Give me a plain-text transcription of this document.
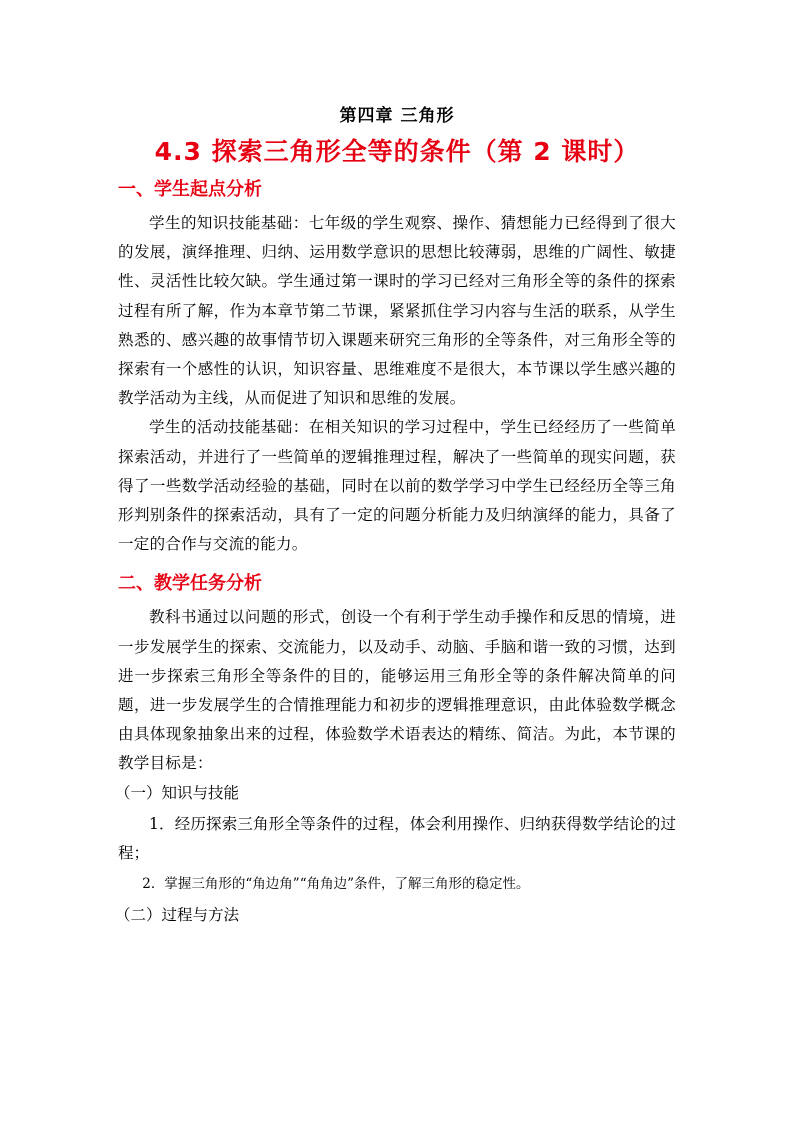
第四章 三角形
4.3 探索三角形全等的条件（第 2 课时）
一、学生起点分析

学生的知识技能基础：七年级的学生观察、操作、猜想能力已经得到了很大的发展，演绎推理、归纳、运用数学意识的思想比较薄弱，思维的广阔性、敏捷性、灵活性比较欠缺。学生通过第一课时的学习已经对三角形全等的条件的探索过程有所了解，作为本章节第二节课，紧紧抓住学习内容与生活的联系，从学生熟悉的、感兴趣的故事情节切入课题来研究三角形的全等条件，对三角形全等的探索有一个感性的认识，知识容量、思维难度不是很大，本节课以学生感兴趣的教学活动为主线，从而促进了知识和思维的发展。

学生的活动技能基础：在相关知识的学习过程中，学生已经经历了一些简单探索活动，并进行了一些简单的逻辑推理过程，解决了一些简单的现实问题，获得了一些数学活动经验的基础，同时在以前的数学学习中学生已经经历全等三角形判别条件的探索活动，具有了一定的问题分析能力及归纳演绎的能力，具备了一定的合作与交流的能力。

二、教学任务分析

教科书通过以问题的形式，创设一个有利于学生动手操作和反思的情境，进一步发展学生的探索、交流能力，以及动手、动脑、手脑和谐一致的习惯，达到进一步探索三角形全等条件的目的，能够运用三角形全等的条件解决简单的问题，进一步发展学生的合情推理能力和初步的逻辑推理意识，由此体验数学概念由具体现象抽象出来的过程，体验数学术语表达的精练、简洁。为此，本节课的教学目标是：

（一）知识与技能

1．经历探索三角形全等条件的过程，体会利用操作、归纳获得数学结论的过程；

2．掌握三角形的“角边角”“角角边”条件，了解三角形的稳定性。

（二）过程与方法
